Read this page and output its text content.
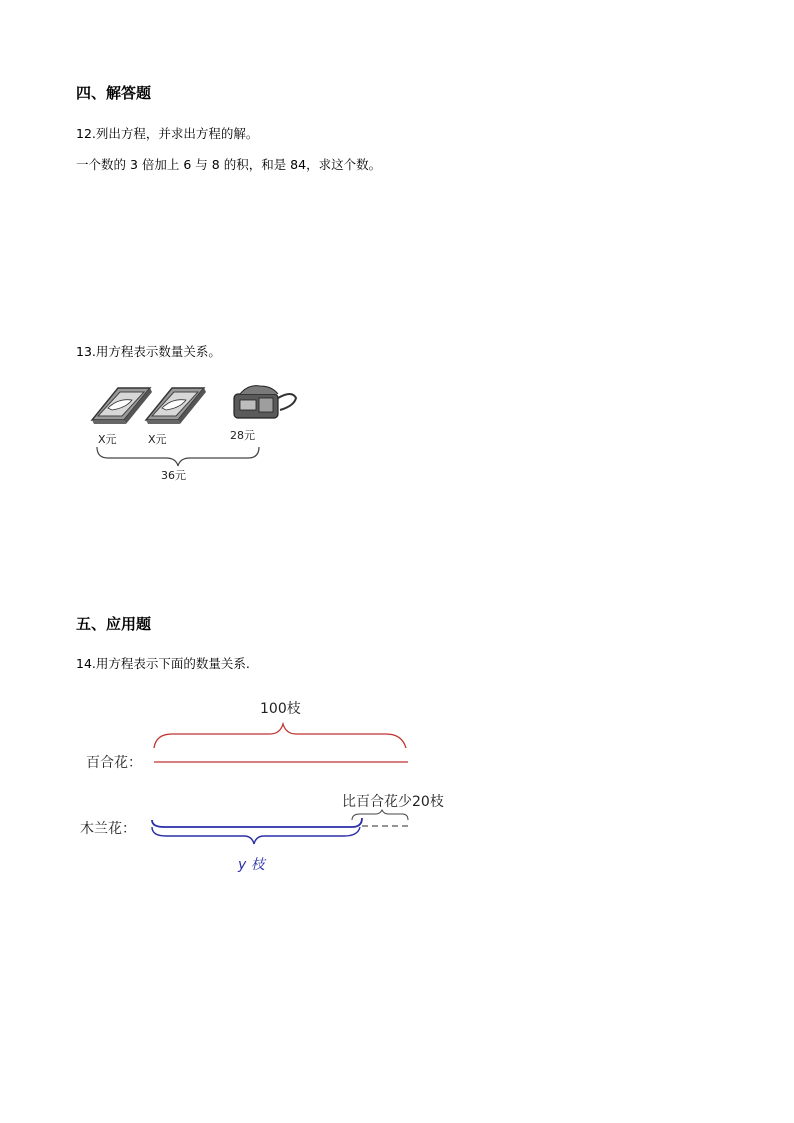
四、解答题
12.列出方程，并求出方程的解。
一个数的 3 倍加上 6 与 8 的积，和是 84，求这个数。
13.用方程表示数量关系。
X元	X元	28元
36元
五、应用题
14.用方程表示下面的数量关系.
100枝
百合花：
木兰花：
比百合花少20枝
y 枝
